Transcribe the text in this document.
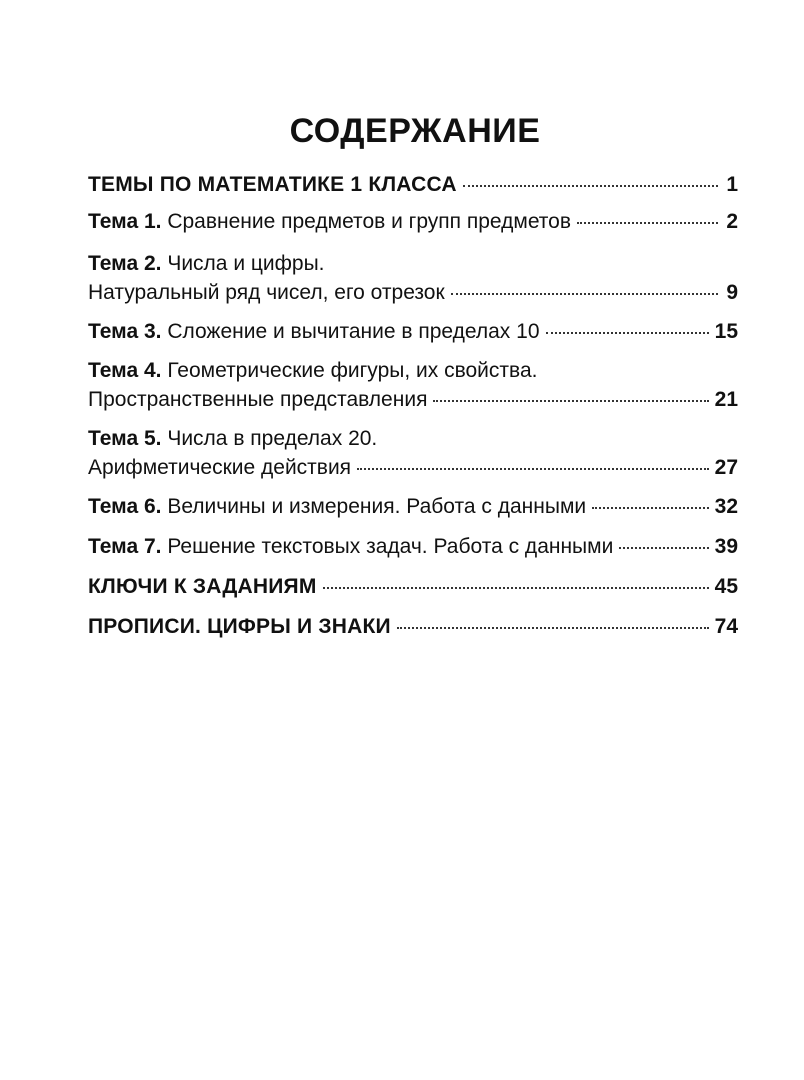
СОДЕРЖАНИЕ
ТЕМЫ ПО МАТЕМАТИКЕ 1 КЛАССА	1
Тема 1. Сравнение предметов и групп предметов	2
Тема 2. Числа и цифры.
Натуральный ряд чисел, его отрезок	9
Тема 3. Сложение и вычитание в пределах 10	15
Тема 4. Геометрические фигуры, их свойства.
Пространственные представления	21
Тема 5. Числа в пределах 20.
Арифметические действия	27
Тема 6. Величины и измерения. Работа с данными	32
Тема 7. Решение текстовых задач. Работа с данными	39
КЛЮЧИ К ЗАДАНИЯМ	45
ПРОПИСИ. ЦИФРЫ И ЗНАКИ	74
